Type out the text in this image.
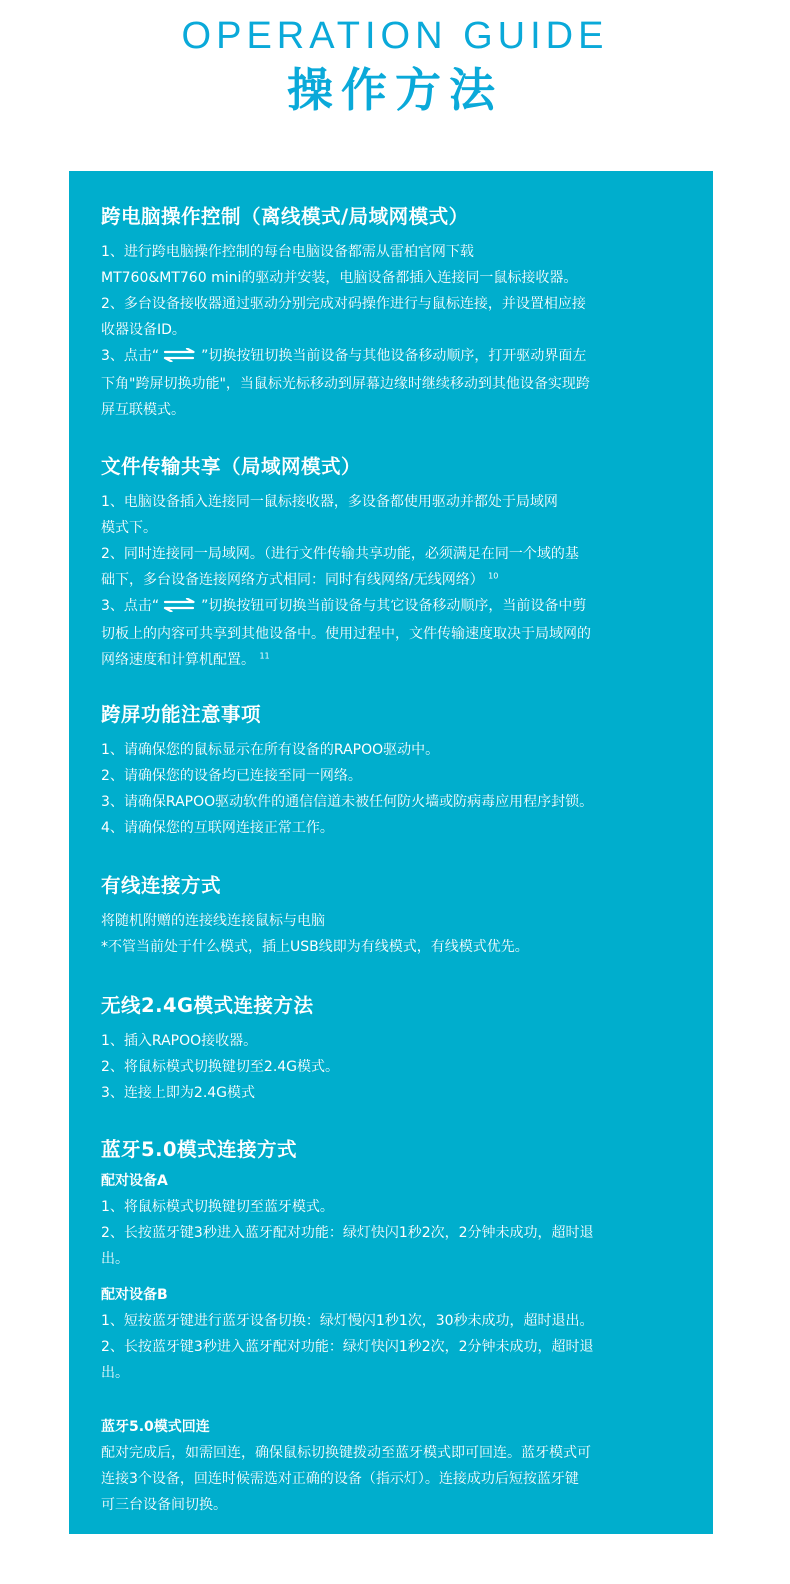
OPERATION GUIDE
操作方法
跨电脑操作控制（离线模式/局域网模式）

1、进行跨电脑操作控制的每台电脑设备都需从雷柏官网下载

MT760&MT760 mini的驱动并安装，电脑设备都插入连接同一鼠标接收器。

2、多台设备接收器通过驱动分别完成对码操作进行与鼠标连接，并设置相应接

收器设备ID。

3、点击“	”切换按钮切换当前设备与其他设备移动顺序，打开驱动界面左

下角"跨屏切换功能"，当鼠标光标移动到屏幕边缘时继续移动到其他设备实现跨

屏互联模式。

文件传输共享（局域网模式）

1、电脑设备插入连接同一鼠标接收器，多设备都使用驱动并都处于局域网

模式下。

2、同时连接同一局域网。（进行文件传输共享功能，必须满足在同一个域的基

础下，多台设备连接网络方式相同：同时有线网络/无线网络） $^{10}$

3、点击“	”切换按钮可切换当前设备与其它设备移动顺序，当前设备中剪

切板上的内容可共享到其他设备中。使用过程中，文件传输速度取决于局域网的

网络速度和计算机配置。 $^{11}$

跨屏功能注意事项

1、请确保您的鼠标显示在所有设备的RAPOO驱动中。

2、请确保您的设备均已连接至同一网络。

3、请确保RAPOO驱动软件的通信信道未被任何防火墙或防病毒应用程序封锁。

4、请确保您的互联网连接正常工作。

有线连接方式

将随机附赠的连接线连接鼠标与电脑

*不管当前处于什么模式，插上USB线即为有线模式，有线模式优先。

无线2.4G模式连接方法

1、插入RAPOO接收器。

2、将鼠标模式切换键切至2.4G模式。

3、连接上即为2.4G模式

蓝牙5.0模式连接方式
配对设备A

1、将鼠标模式切换键切至蓝牙模式。

2、长按蓝牙键3秒进入蓝牙配对功能：绿灯快闪1秒2次，2分钟未成功，超时退

出。

配对设备B

1、短按蓝牙键进行蓝牙设备切换：绿灯慢闪1秒1次，30秒未成功，超时退出。

2、长按蓝牙键3秒进入蓝牙配对功能：绿灯快闪1秒2次，2分钟未成功，超时退

出。

蓝牙5.0模式回连

配对完成后，如需回连，确保鼠标切换键拨动至蓝牙模式即可回连。蓝牙模式可

连接3个设备，回连时候需选对正确的设备（指示灯）。连接成功后短按蓝牙键

可三台设备间切换。
